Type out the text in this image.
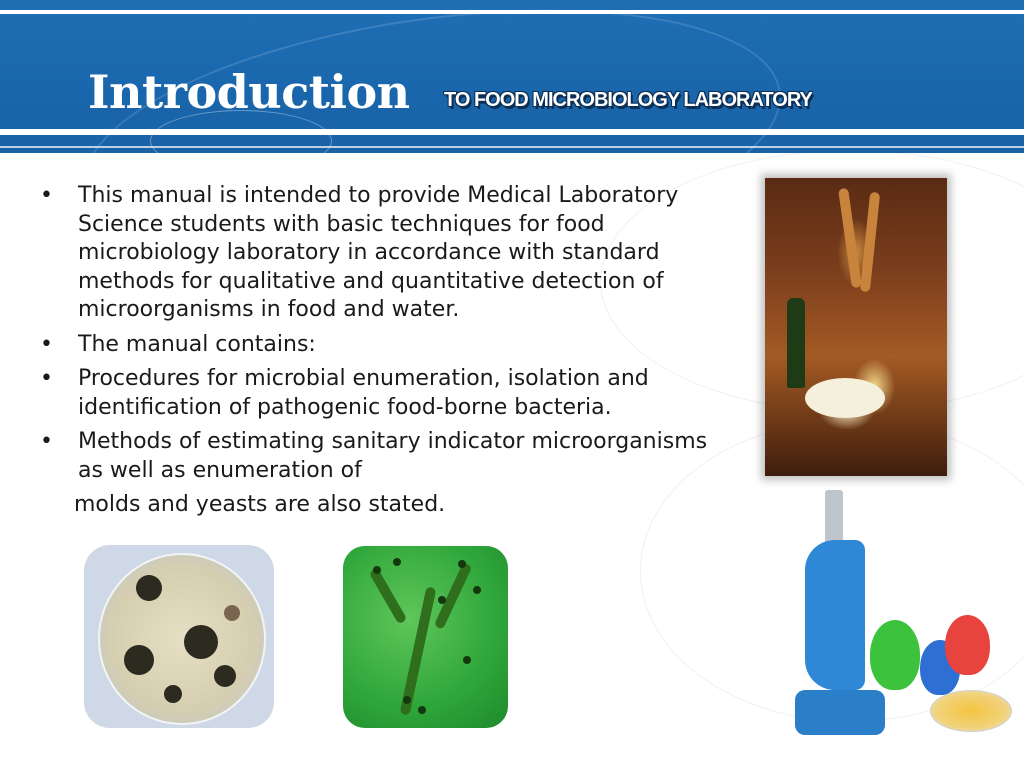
Introduction TO FOOD MICROBIOLOGY LABORATORY
• This manual is intended to provide Medical Laboratory Science students with basic techniques for food microbiology laboratory in accordance with standard methods for qualitative and quantitative detection of microorganisms in food and water.
• The manual contains:
• Procedures for microbial enumeration, isolation and identification of pathogenic food-borne bacteria.
• Methods of estimating sanitary indicator microorganisms as well as enumeration of
molds and yeasts are also stated.
